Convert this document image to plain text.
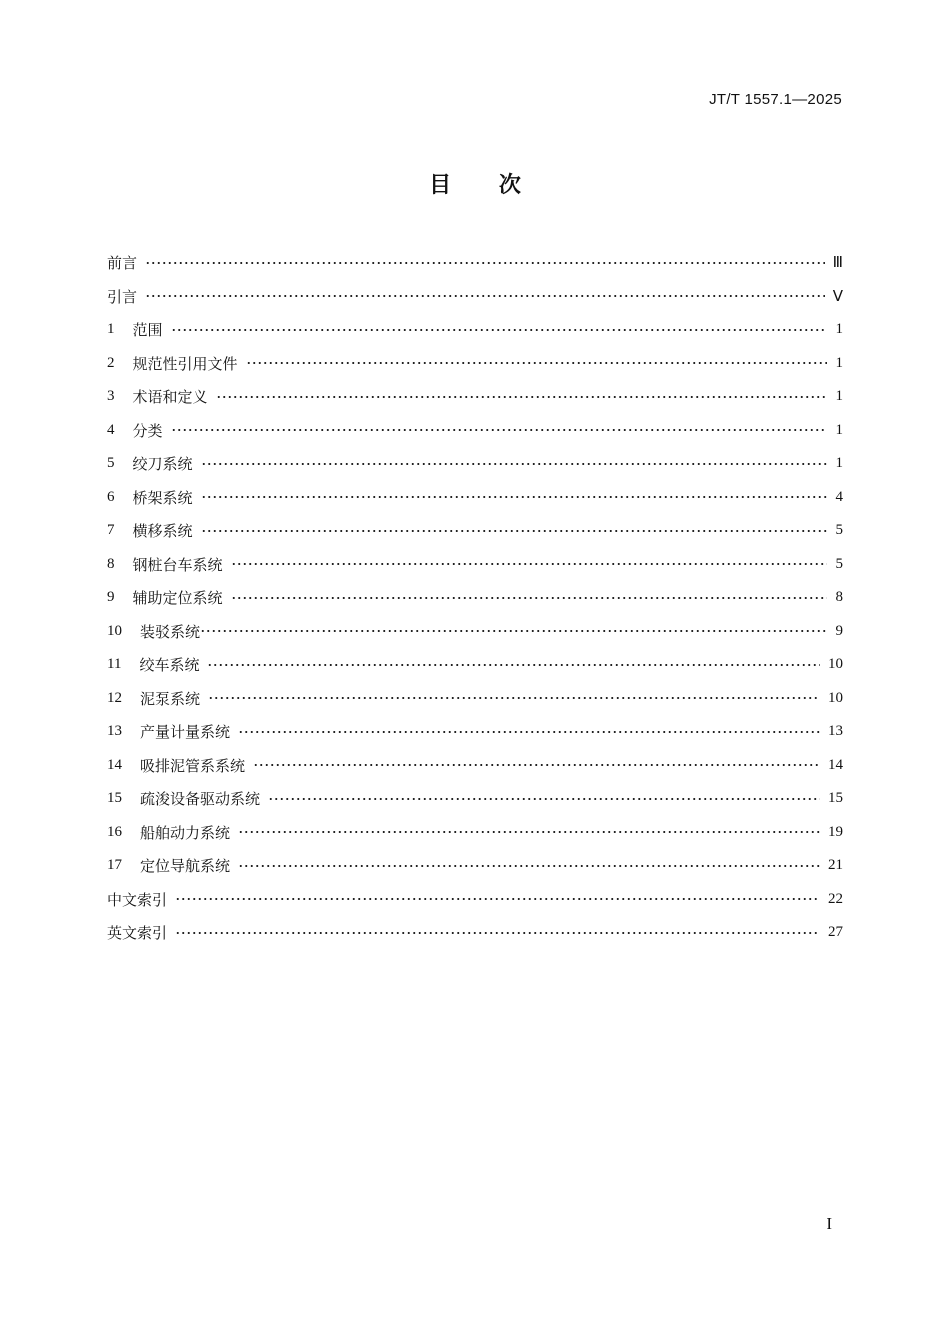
JT/T 1557.1—2025
目 次
前言	Ⅲ
引言	Ⅴ
1 范围	1
2 规范性引用文件	1
3 术语和定义	1
4 分类	1
5 绞刀系统	1
6 桥架系统	4
7 横移系统	5
8 钢桩台车系统	5
9 辅助定位系统	8
10 装驳系统	9
11 绞车系统	10
12 泥泵系统	10
13 产量计量系统	13
14 吸排泥管系系统	14
15 疏浚设备驱动系统	15
16 船舶动力系统	19
17 定位导航系统	21
中文索引	22
英文索引	27
I
